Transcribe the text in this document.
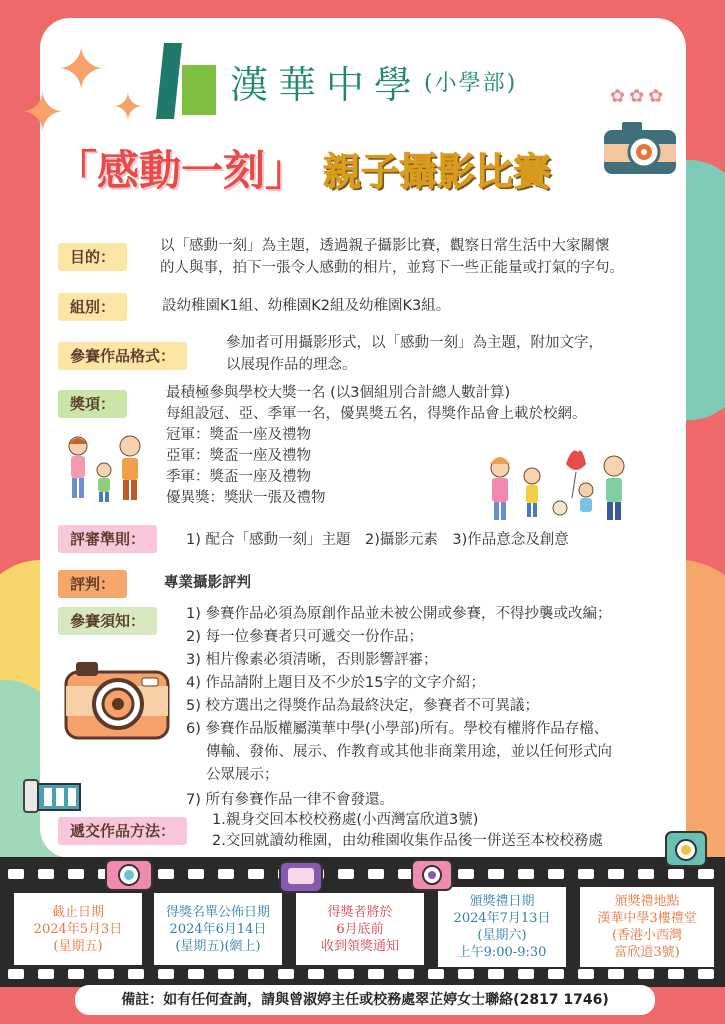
✦
✦ ✦
漢華中學 (小學部)
✿✿✿
「感動一刻」 親子攝影比賽
目的：
以「感動一刻」為主題，透過親子攝影比賽，觀察日常生活中大家關懷
的人與事，拍下一張令人感動的相片，並寫下一些正能量或打氣的字句。
組別：	設幼稚園K1組、幼稚園K2組及幼稚園K3組。
參賽作品格式：
參加者可用攝影形式，以「感動一刻」為主題，附加文字，
以展現作品的理念。
獎項：
最積極參與學校大獎一名 (以3個組別合計總人數計算)
每組設冠、亞、季軍一名，優異獎五名，得獎作品會上載於校網。
冠軍：獎盃一座及禮物
亞軍：獎盃一座及禮物
季軍：獎盃一座及禮物
優異獎：獎狀一張及禮物
評審準則：	1) 配合「感動一刻」主題　2)攝影元素　3)作品意念及創意
評判：	專業攝影評判
參賽須知：	1) 參賽作品必須為原創作品並未被公開或參賽，不得抄襲或改編；
2) 每一位參賽者只可遞交一份作品；
3) 相片像素必須清晰，否則影響評審；
4) 作品請附上題目及不少於15字的文字介紹；
5) 校方選出之得獎作品為最終決定，參賽者不可異議；
6) 參賽作品版權屬漢華中學(小學部)所有。學校有權將作品存檔、
傳輸、發佈、展示、作教育或其他非商業用途，並以任何形式向
公眾展示；
7) 所有參賽作品一律不會發還。
遞交作品方法：
1.親身交回本校校務處(小西灣富欣道3號)
2.交回就讀幼稚園，由幼稚園收集作品後一併送至本校校務處
截止日期
2024年5月3日
(星期五)
得獎名單公佈日期
2024年6月14日
(星期五)(網上)
得獎者將於
6月底前
收到領獎通知
頒獎禮日期
2024年7月13日
(星期六)
上午9:00-9:30
頒獎禮地點
漢華中學3樓禮堂
(香港小西灣
富欣道3號)
備註：如有任何查詢，請與曾淑婷主任或校務處翠芷婷女士聯絡(2817 1746)
